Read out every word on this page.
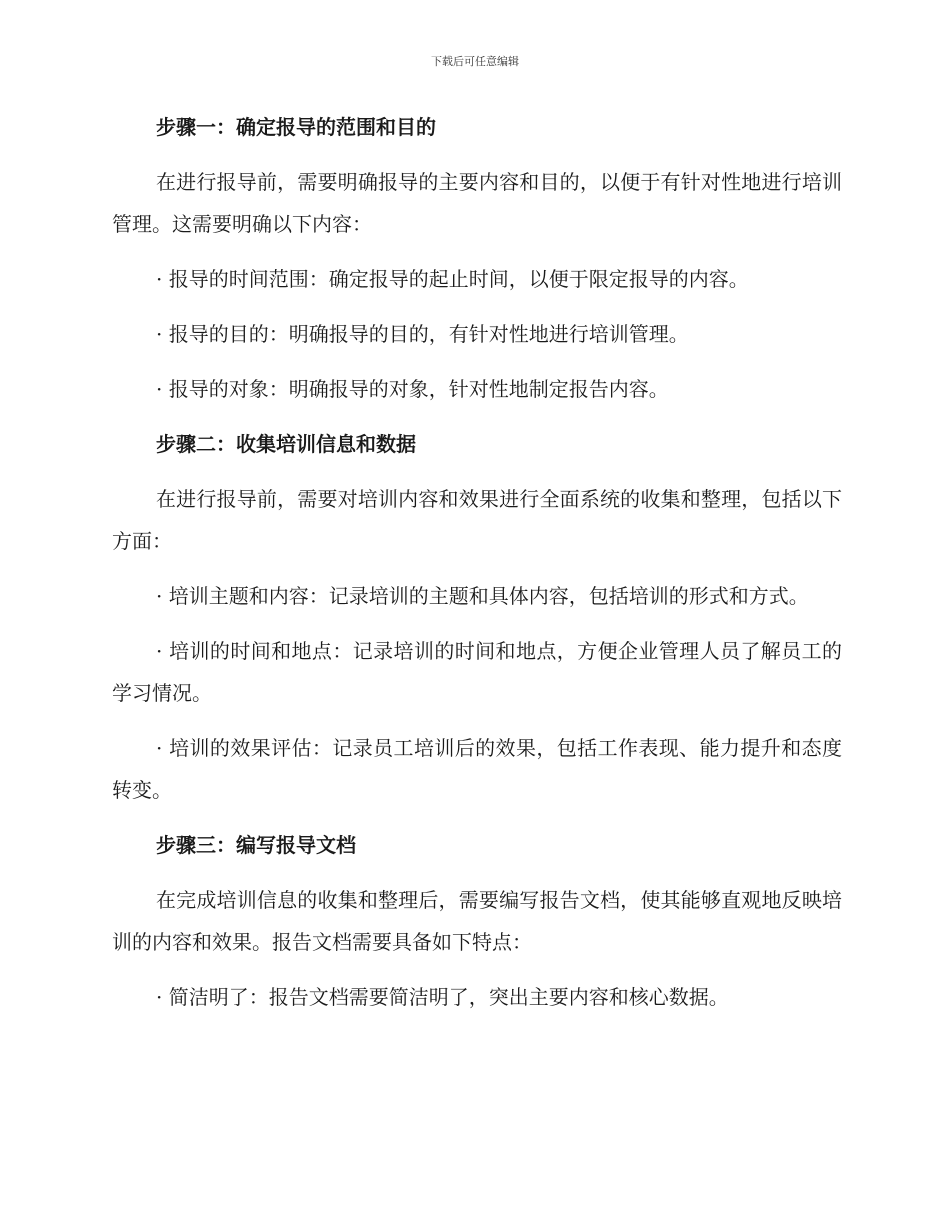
下载后可任意编辑
步骤一：确定报导的范围和目的
在进行报导前，需要明确报导的主要内容和目的，以便于有针对性地进行培训管理。这需要明确以下内容：
· 报导的时间范围：确定报导的起止时间，以便于限定报导的内容。
· 报导的目的：明确报导的目的，有针对性地进行培训管理。
· 报导的对象：明确报导的对象，针对性地制定报告内容。
步骤二：收集培训信息和数据
在进行报导前，需要对培训内容和效果进行全面系统的收集和整理，包括以下方面：
· 培训主题和内容：记录培训的主题和具体内容，包括培训的形式和方式。
· 培训的时间和地点：记录培训的时间和地点，方便企业管理人员了解员工的学习情况。
· 培训的效果评估：记录员工培训后的效果，包括工作表现、能力提升和态度转变。
步骤三：编写报导文档
在完成培训信息的收集和整理后，需要编写报告文档，使其能够直观地反映培训的内容和效果。报告文档需要具备如下特点：
· 简洁明了：报告文档需要简洁明了，突出主要内容和核心数据。
